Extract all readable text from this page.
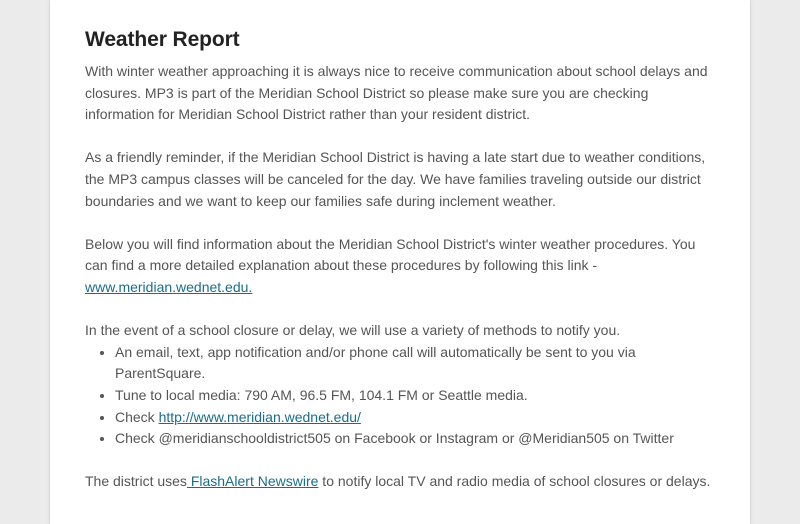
Weather Report

With winter weather approaching it is always nice to receive communication about school delays and closures. MP3 is part of the Meridian School District so please make sure you are checking information for Meridian School District rather than your resident district.

As a friendly reminder, if the Meridian School District is having a late start due to weather conditions, the MP3 campus classes will be canceled for the day. We have families traveling outside our district boundaries and we want to keep our families safe during inclement weather.

Below you will find information about the Meridian School District's winter weather procedures. You can find a more detailed explanation about these procedures by following this link - www.meridian.wednet.edu.

In the event of a school closure or delay, we will use a variety of methods to notify you.

• An email, text, app notification and/or phone call will automatically be sent to you via ParentSquare.
• Tune to local media: 790 AM, 96.5 FM, 104.1 FM or Seattle media.
• Check http://www.meridian.wednet.edu/
• Check @meridianschooldistrict505 on Facebook or Instagram or @Meridian505 on Twitter

The district uses FlashAlert Newswire to notify local TV and radio media of school closures or delays.
